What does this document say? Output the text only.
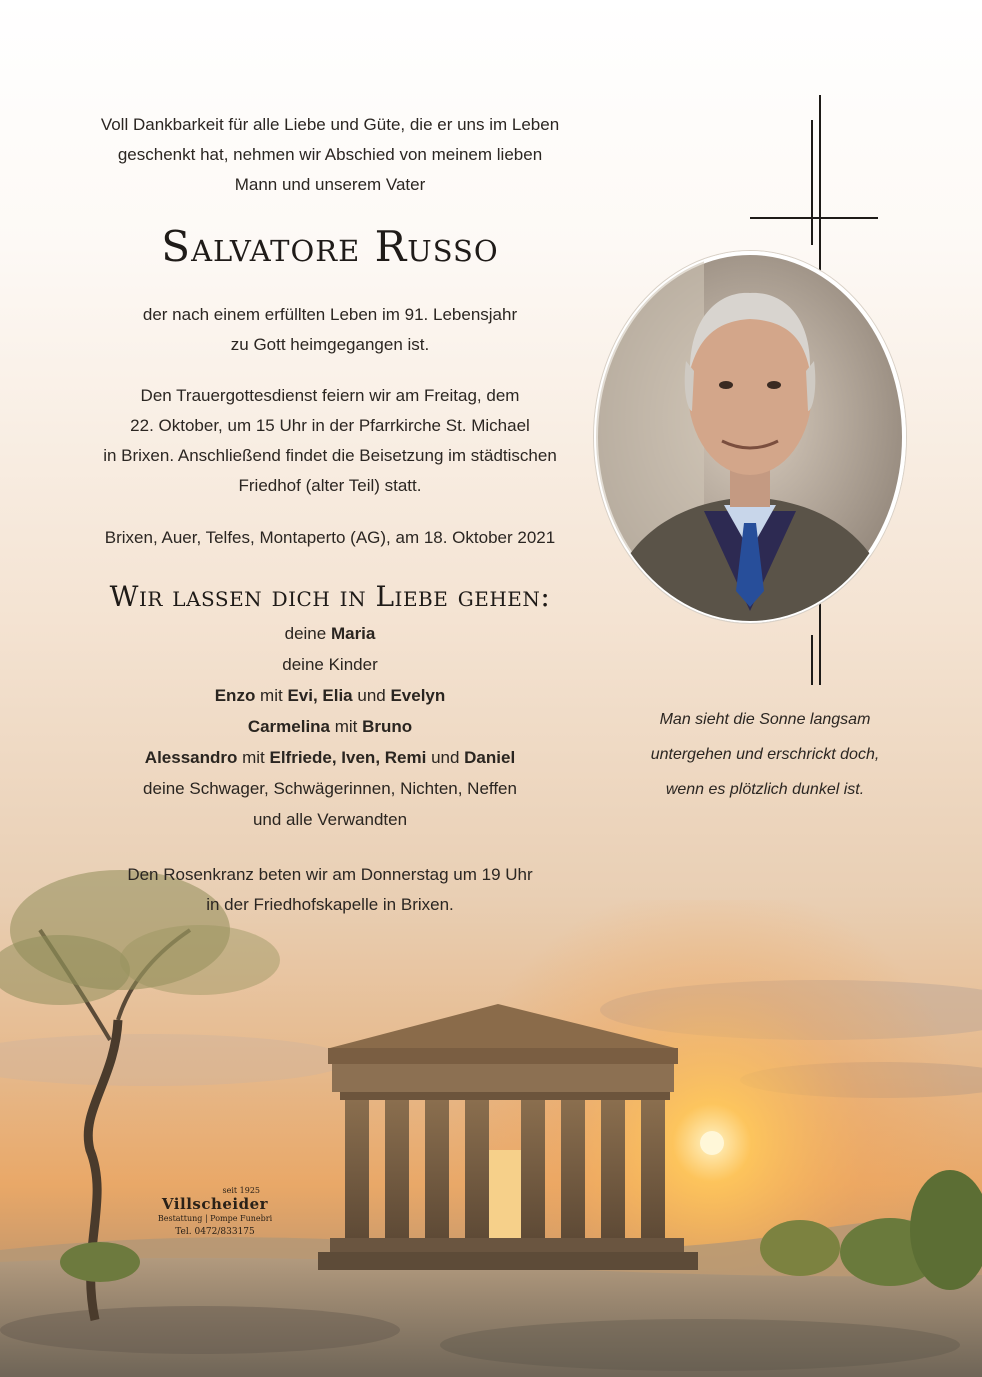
Voll Dankbarkeit für alle Liebe und Güte, die er uns im Leben

geschenkt hat, nehmen wir Abschied von meinem lieben

Mann und unserem Vater

Salvatore Russo

der nach einem erfüllten Leben im 91. Lebensjahr

zu Gott heimgegangen ist.

Den Trauergottesdienst feiern wir am Freitag, dem

22. Oktober, um 15 Uhr in der Pfarrkirche St. Michael

in Brixen. Anschließend findet die Beisetzung im städtischen

Friedhof (alter Teil) statt.

Brixen, Auer, Telfes, Montaperto (AG), am 18. Oktober 2021

Wir lassen dich in Liebe gehen:

deine Maria

deine Kinder

Enzo mit Evi, Elia und Evelyn

Carmelina mit Bruno

Alessandro mit Elfriede, Iven, Remi und Daniel

deine Schwager, Schwägerinnen, Nichten, Neffen

und alle Verwandten

Den Rosenkranz beten wir am Donnerstag um 19 Uhr

in der Friedhofskapelle in Brixen.

Man sieht die Sonne langsam
untergehen und erschrickt doch,
wenn es plötzlich dunkel ist.
seit 1925
Villscheider
Bestattung | Pompe Funebri
Tel. 0472/833175
